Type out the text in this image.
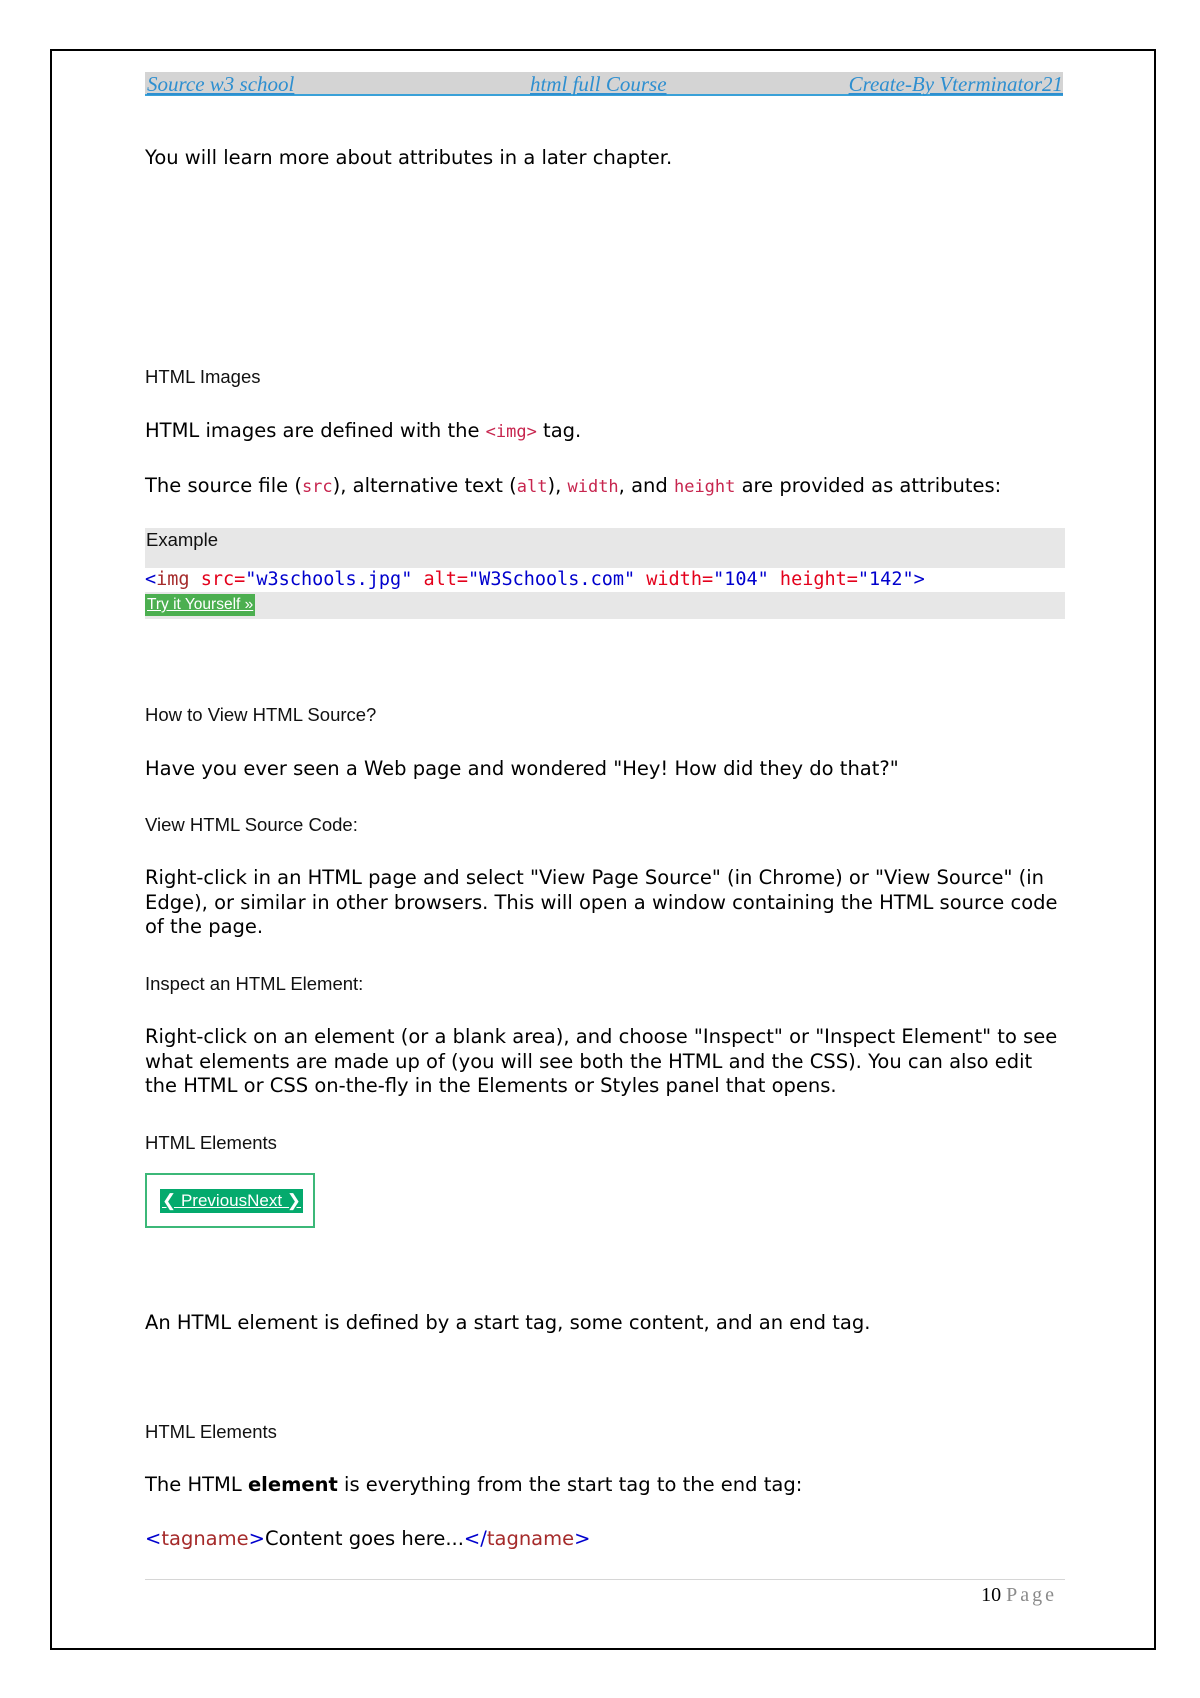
Source w3 school	html full Course	Create-By Vterminator21
You will learn more about attributes in a later chapter.
HTML Images
HTML images are defined with the <img> tag.
The source file (src), alternative text (alt), width, and height are provided as attributes:
Example
<img src="w3schools.jpg" alt="W3Schools.com" width="104" height="142">
Try it Yourself »
How to View HTML Source?
Have you ever seen a Web page and wondered "Hey! How did they do that?"
View HTML Source Code:
Right-click in an HTML page and select "View Page Source" (in Chrome) or "View Source" (in Edge), or similar in other browsers. This will open a window containing the HTML source code of the page.
Inspect an HTML Element:
Right-click on an element (or a blank area), and choose "Inspect" or "Inspect Element" to see what elements are made up of (you will see both the HTML and the CSS). You can also edit the HTML or CSS on-the-fly in the Elements or Styles panel that opens.
HTML Elements
❮ PreviousNext ❯
An HTML element is defined by a start tag, some content, and an end tag.
HTML Elements
The HTML element is everything from the start tag to the end tag:
<tagname>Content goes here...</tagname>
10 Page
